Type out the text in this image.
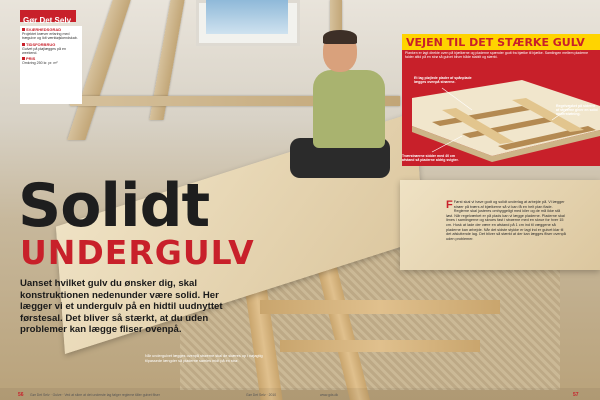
Gør Det Selv
SVÆRHEDSGRAD
Projektet kræver erfaring med trægulve og lidt værktøjskendskab.
TIDSFORBRUG
Gulvet på pløjlægges på en weekend.
PRIS
Omkring 250 kr. pr. m²
Solidt
UNDERGULV
Uanset hvilket gulv du ønsker dig, skal konstruktionen nedenunder være solid. Her lægger vi et undergulv på en hidtil uudnyttet førstesal. Det bliver så stærkt, at du uden problemer kan lægge fliser ovenpå.
Når undergulvet lægges ovenpå strøerne skal de skæres op i nøjagtig tilpassede længder så pladerne samles midt på en strø.
VEJEN TIL DET STÆRKE GULV
Planken er lagt direkte oven på bjælkerne og pladerne spænder godt fra bjælke til bjælke. Samlingen mellem pladerne falder altid på en strø så gulvet bliver både stabilt og stærkt.
Et lag pløjlede plader af spånplade lægges ovenpå strøerne.
Regelværket på siderne af strøerne giver en solid understøtning.
Tværstrøerne sidder med 40 cm afstand så pladerne aldrig svigter.
F Først skal vi have godt og solidt underlag at arbejde på. Vi lægger strøer på tværs af bjælkerne så vi kan få en helt plan flade. Reglerne skal justeres omhyggeligt med kiler og de må ikke stå løst. Når regelværket er på plads kan vi lægge pladerne. Pladerne skal limes i samlingerne og skrues fast i strøerne med en skrue for hver 15 cm. Husk at lade der være en afstand på 1 cm ind til væggene så pladerne kan arbejde. Når det sidste stykke er lagt ind er gulvet klar til det afsluttende lag. Det bliver så stærkt at der kan lægges fliser ovenpå uden problemer.
56 Gør Det Selv · Gulve · Ved at sikre at det underste lag følger reglerne tåler gulvet fliser	Gør Det Selv · 2010	www.gds.dk	57
